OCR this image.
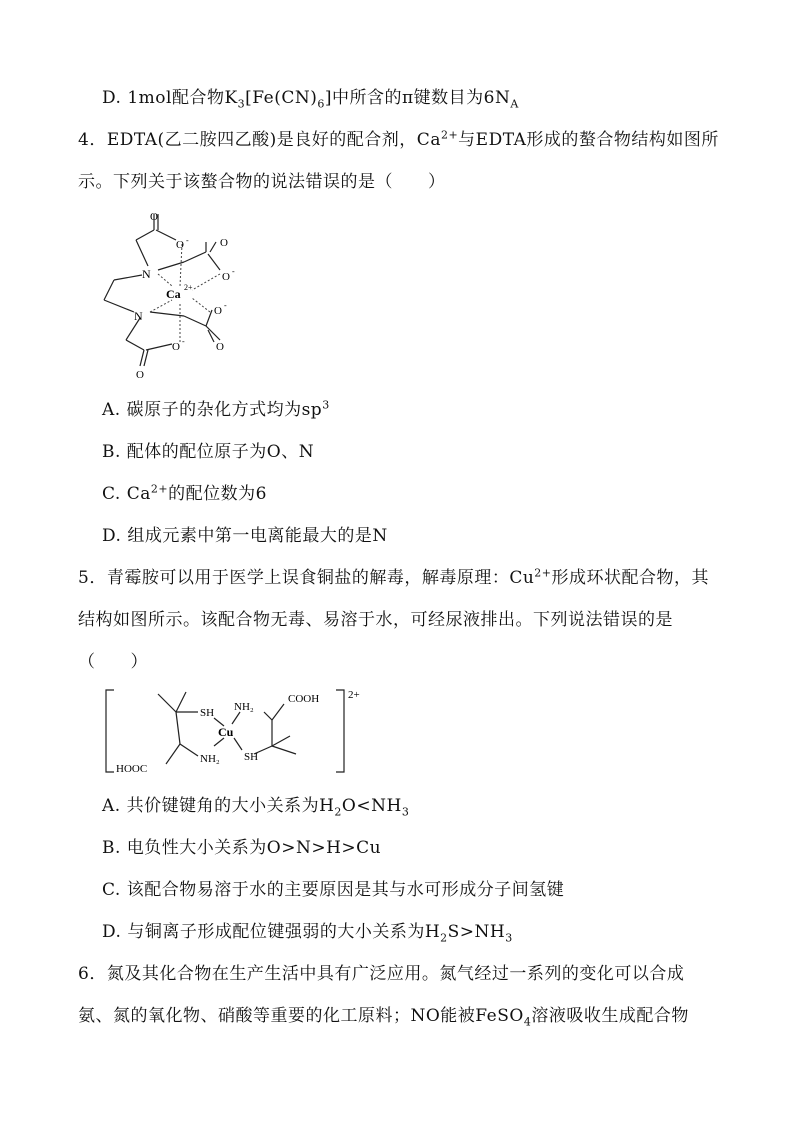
D. 1mol配合物$K_3[Fe(CN)_6]$中所含的π键数目为$6N_A$
4．EDTA(乙二胺四乙酸)是良好的配合剂，$Ca^{2+}$与EDTA形成的螯合物结构如图所
示。下列关于该螯合物的说法错误的是（　　）
O
O -	O
O -
N
Ca 2+
N	O -
O -	O
O
A. 碳原子的杂化方式均为$sp^3$
B. 配体的配位原子为O、N
C. $Ca^{2+}$的配位数为6
D. 组成元素中第一电离能最大的是N
5．青霉胺可以用于医学上误食铜盐的解毒，解毒原理：$Cu^{2+}$形成环状配合物，其
结构如图所示。该配合物无毒、易溶于水，可经尿液排出。下列说法错误的是
（　　）
SH NH₂
Cu
COOH	2+
NH₂ SH
HOOC
A. 共价键键角的大小关系为$H_2O<NH_3$
B. 电负性大小关系为O>N>H>Cu
C. 该配合物易溶于水的主要原因是其与水可形成分子间氢键
D. 与铜离子形成配位键强弱的大小关系为$H_2S>NH_3$
6．氮及其化合物在生产生活中具有广泛应用。氮气经过一系列的变化可以合成
氨、氮的氧化物、硝酸等重要的化工原料；NO能被FeSO$_4$溶液吸收生成配合物
